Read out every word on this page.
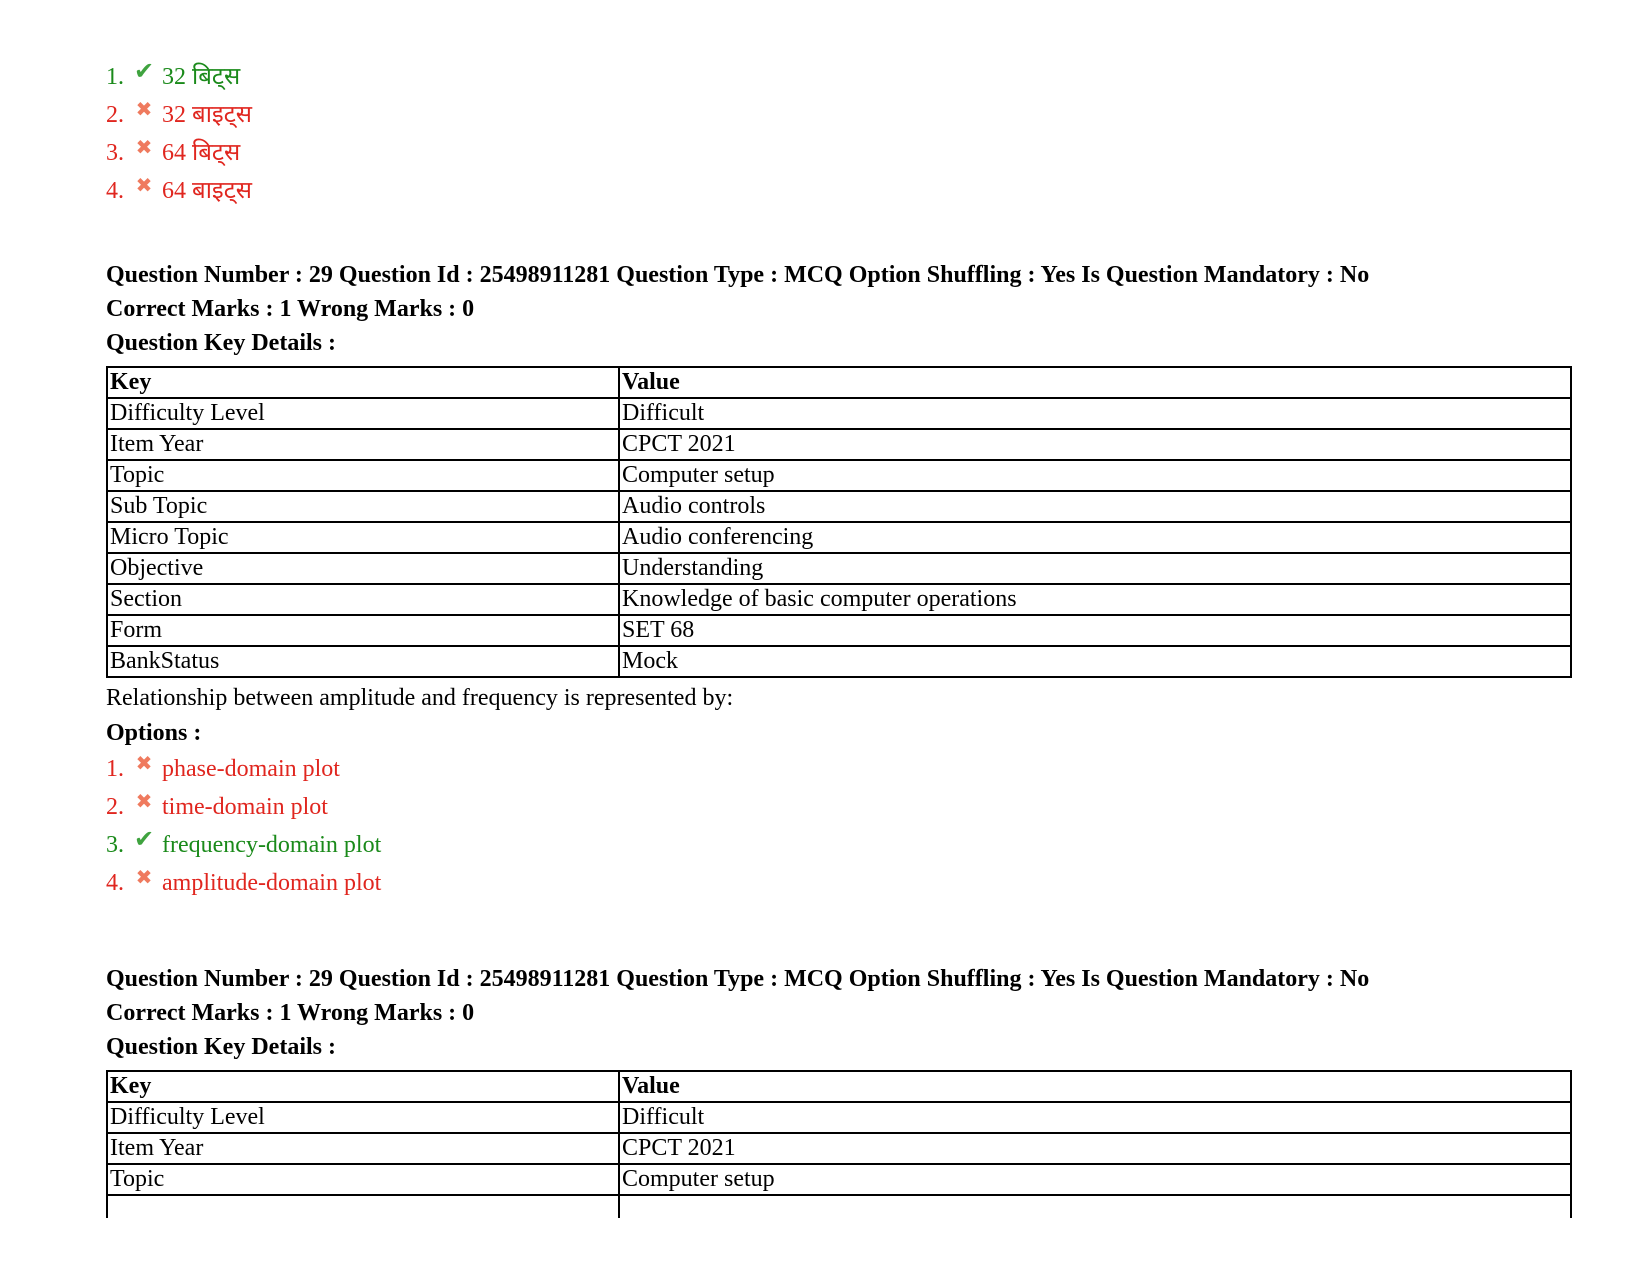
1. ✔ 32 बिट्स
2. ✖ 32 बाइट्स
3. ✖ 64 बिट्स
4. ✖ 64 बाइट्स

Question Number : 29 Question Id : 25498911281 Question Type : MCQ Option Shuffling : Yes Is Question Mandatory : No

Correct Marks : 1 Wrong Marks : 0

Question Key Details :

Key	Value
Difficulty Level	Difficult
Item Year	CPCT 2021
Topic	Computer setup
Sub Topic	Audio controls
Micro Topic	Audio conferencing
Objective	Understanding
Section	Knowledge of basic computer operations
Form	SET 68
BankStatus	Mock

Relationship between amplitude and frequency is represented by:

Options :

1. ✖ phase-domain plot
2. ✖ time-domain plot
3. ✔ frequency-domain plot
4. ✖ amplitude-domain plot

Question Number : 29 Question Id : 25498911281 Question Type : MCQ Option Shuffling : Yes Is Question Mandatory : No

Correct Marks : 1 Wrong Marks : 0

Question Key Details :

Key	Value
Difficulty Level	Difficult
Item Year	CPCT 2021
Topic	Computer setup
